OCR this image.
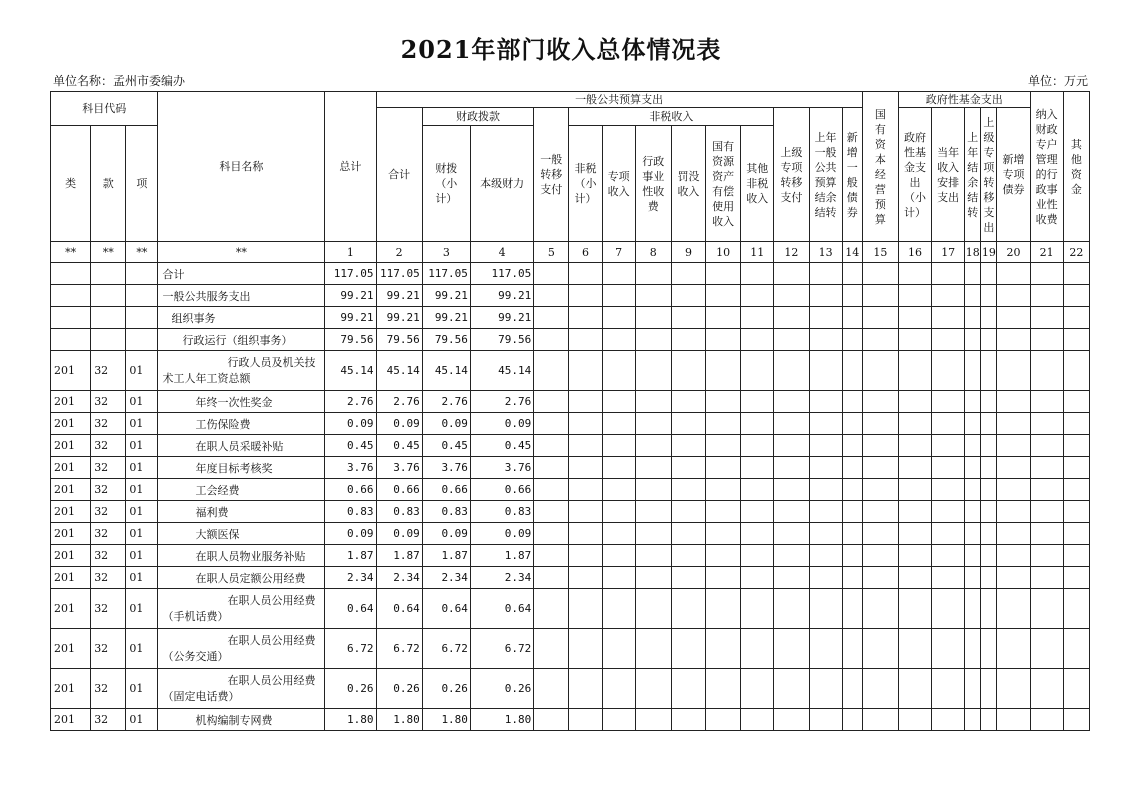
2021年部门收入总体情况表
单位名称：孟州市委编办	单位：万元
科目代码			科目名称	总计	一般公共预算支出													国有资本经营预算	政府性基金支出					纳入财政专户管理的行政事业性收费	其他资金
					合计	财政拨款		一般转移支付	非税收入						上级专项转移支付	上年一般公共预算结余结转	新增一般债券		政府性基金支出（小计）	当年收入安排支出	上年结余结转	上级专项转移支出	新增专项债券		
类	款	项				财拨（小计）	本级财力		非税（小计）	专项收入	行政事业性收费	罚没收入	国有资源资产有偿使用收入	其他非税收入											
**	**	**	**	1	2	3	4	5	6	7	8	9	10	11	12	13	14	15	16	17	18	19	20	21	22
			合计	117.05	117.05	117.05	117.05																		
			一般公共服务支出	99.21	99.21	99.21	99.21																		
			组织事务	99.21	99.21	99.21	99.21																		
			行政运行（组织事务）	79.56	79.56	79.56	79.56																		
201	32	01	行政人员及机关技术工人年工资总额	45.14	45.14	45.14	45.14																		
201	32	01	年终一次性奖金	2.76	2.76	2.76	2.76																		
201	32	01	工伤保险费	0.09	0.09	0.09	0.09																		
201	32	01	在职人员采暖补贴	0.45	0.45	0.45	0.45																		
201	32	01	年度目标考核奖	3.76	3.76	3.76	3.76																		
201	32	01	工会经费	0.66	0.66	0.66	0.66																		
201	32	01	福利费	0.83	0.83	0.83	0.83																		
201	32	01	大额医保	0.09	0.09	0.09	0.09																		
201	32	01	在职人员物业服务补贴	1.87	1.87	1.87	1.87																		
201	32	01	在职人员定额公用经费	2.34	2.34	2.34	2.34																		
201	32	01	在职人员公用经费（手机话费）	0.64	0.64	0.64	0.64																		
201	32	01	在职人员公用经费（公务交通）	6.72	6.72	6.72	6.72																		
201	32	01	在职人员公用经费（固定电话费）	0.26	0.26	0.26	0.26																		
201	32	01	机构编制专网费	1.80	1.80	1.80	1.80																		
